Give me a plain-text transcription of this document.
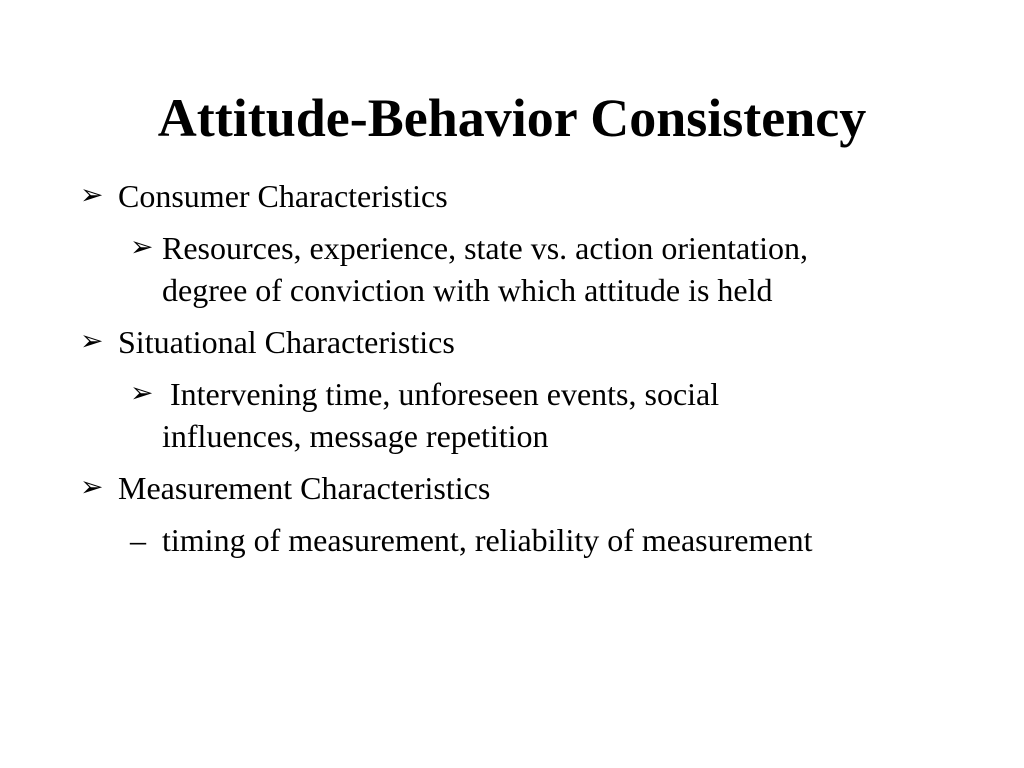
Attitude-Behavior Consistency
➢ Consumer Characteristics
➢ Resources, experience, state vs. action orientation, degree of conviction with which attitude is held
➢ Situational Characteristics
➢ Intervening time, unforeseen events, social influences, message repetition
➢ Measurement Characteristics
– timing of measurement, reliability of measurement
